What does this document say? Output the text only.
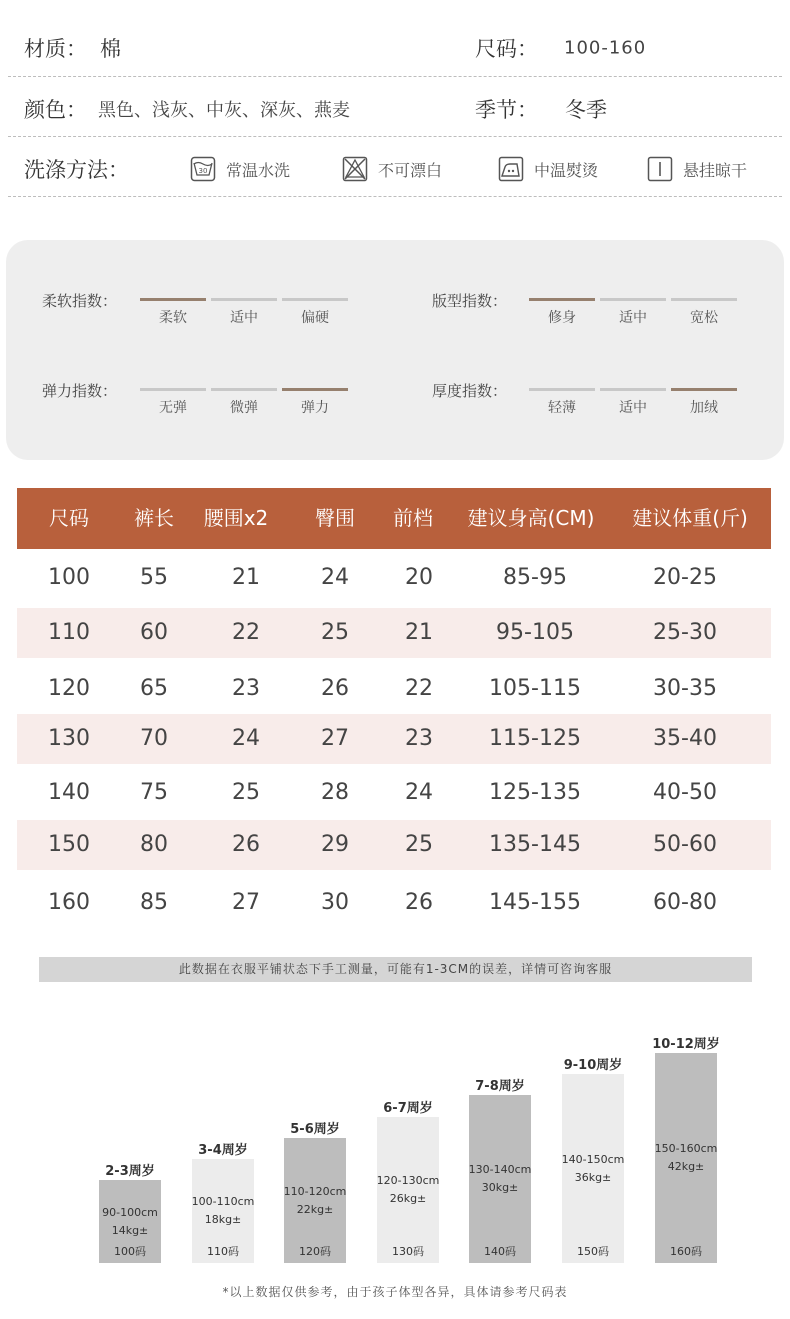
材质： 棉	尺码： 100-160
颜色： 黑色、浅灰、中灰、深灰、燕麦	季节： 冬季
洗涤方法：	30 常温水洗	不可漂白	中温熨烫	悬挂晾干
柔软指数：
柔软	适中	偏硬
版型指数：
修身	适中	宽松
弹力指数：
无弹	微弹	弹力
厚度指数：
轻薄	适中	加绒
尺码 裤长 腰围x2 臀围 前档 建议身高(CM) 建议体重(斤)
100 55	21	24	20	85-95	20-25
110 60	22	25	21	95-105	25-30
120 65	23	26	22	105-115	30-35
130 70	24	27	23	115-125	35-40
140 75	25	28	24	125-135	40-50
150 80	26	29	25	135-145	50-60
160 85	27	30	26	145-155	60-80
此数据在衣服平铺状态下手工测量，可能有1-3CM的误差，详情可咨询客服
2-3周岁
90-100cm
14kg±
100码
3-4周岁
100-110cm
18kg±
110码
5-6周岁
110-120cm
22kg±
120码
6-7周岁
120-130cm
26kg±
130码
7-8周岁
130-140cm
30kg±
140码
9-10周岁
140-150cm
36kg±
150码
10-12周岁
150-160cm
42kg±
160码
*以上数据仅供参考，由于孩子体型各异，具体请参考尺码表
